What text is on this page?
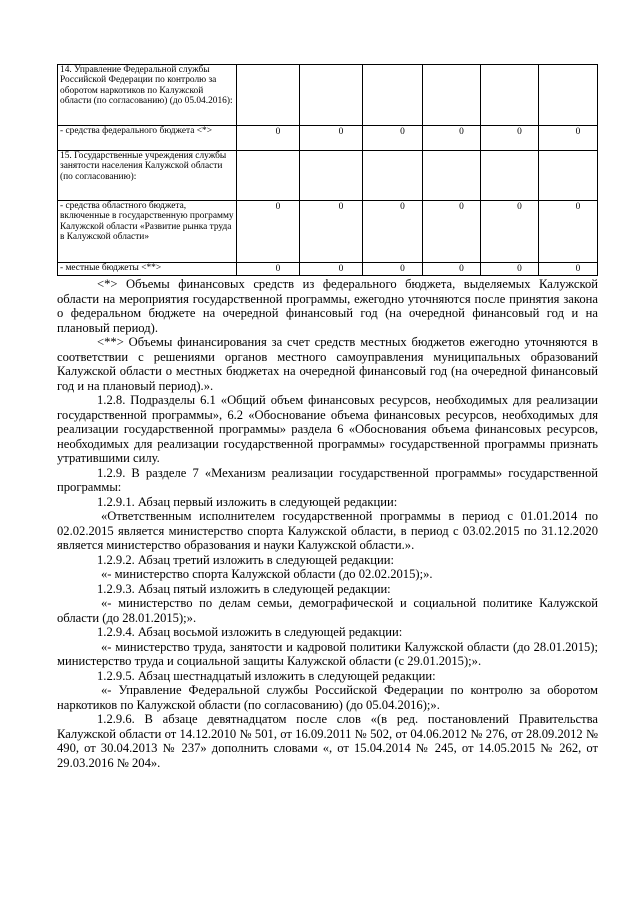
14. Управление Федеральной службы Российской Федерации по контролю за оборотом наркотиков по Калужской области (по согласованию) (до 05.04.2016):	

- средства федерального бюджета <*>	0	0	0	0	0	0

15. Государственные учреждения службы занятости населения Калужской области (по согласованию):	

- средства областного бюджета, включенные в государственную программу Калужской области «Развитие рынка труда в Калужской области»	0	0	0	0	0	0

- местные бюджеты <**>	0	0	0	0	0	0

<*> Объемы финансовых средств из федерального бюджета, выделяемых Калужской области на мероприятия государственной программы, ежегодно уточняются после принятия закона о федеральном бюджете на очередной финансовый год (на очередной финансовый год и на плановый период).

<**> Объемы финансирования за счет средств местных бюджетов ежегодно уточняются в соответствии с решениями органов местного самоуправления муниципальных образований Калужской области о местных бюджетах на очередной финансовый год (на очередной финансовый год и на плановый период).».

1.2.8. Подразделы 6.1 «Общий объем финансовых ресурсов, необходимых для реализации государственной программы», 6.2 «Обоснование объема финансовых ресурсов, необходимых для реализации государственной программы» раздела 6 «Обоснования объема финансовых ресурсов, необходимых для реализации государственной программы» государственной программы признать утратившими силу.

1.2.9. В разделе 7 «Механизм реализации государственной программы» государственной программы:

1.2.9.1. Абзац первый изложить в следующей редакции:

«Ответственным исполнителем государственной программы в период с 01.01.2014 по 02.02.2015 является министерство спорта Калужской области, в период с 03.02.2015 по 31.12.2020 является министерство образования и науки Калужской области.».

1.2.9.2. Абзац третий изложить в следующей редакции:

«- министерство спорта Калужской области (до 02.02.2015);».

1.2.9.3. Абзац пятый изложить в следующей редакции:

«- министерство по делам семьи, демографической и социальной политике Калужской области (до 28.01.2015);».

1.2.9.4. Абзац восьмой изложить в следующей редакции:

«- министерство труда, занятости и кадровой политики Калужской области (до 28.01.2015); министерство труда и социальной защиты Калужской области (с 29.01.2015);».

1.2.9.5. Абзац шестнадцатый изложить в следующей редакции:

«- Управление Федеральной службы Российской Федерации по контролю за оборотом наркотиков по Калужской области (по согласованию) (до 05.04.2016);».

1.2.9.6. В абзаце девятнадцатом после слов «(в ред. постановлений Правительства Калужской области от 14.12.2010 № 501, от 16.09.2011 № 502, от 04.06.2012 № 276, от 28.09.2012 № 490, от 30.04.2013 № 237» дополнить словами «, от 15.04.2014 № 245, от 14.05.2015 № 262, от 29.03.2016 № 204».
